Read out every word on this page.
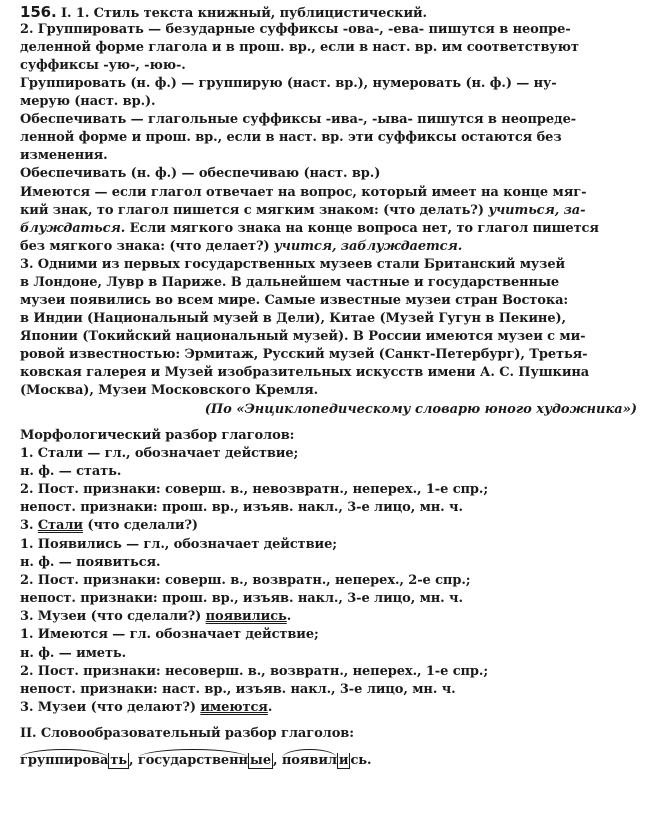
156. I. 1. Стиль текста книжный, публицистический.
2. Группировать — безударные суффиксы -ова-, -ева- пишутся в неопре-
деленной форме глагола и в прош. вр., если в наст. вр. им соответствуют
суффиксы -ую-, -юю-.
Группировать (н. ф.) — группирую (наст. вр.), нумеровать (н. ф.) — ну-
мерую (наст. вр.).
Обеспечивать — глагольные суффиксы -ива-, -ыва- пишутся в неопреде-
ленной форме и прош. вр., если в наст. вр. эти суффиксы остаются без
изменения.
Обеспечивать (н. ф.) — обеспечиваю (наст. вр.)
Имеются — если глагол отвечает на вопрос, который имеет на конце мяг-
кий знак, то глагол пишется с мягким знаком: (что делать?) учиться, за-
блуждаться. Если мягкого знака на конце вопроса нет, то глагол пишется
без мягкого знака: (что делает?) учится, заблуждается.
3. Одними из первых государственных музеев стали Британский музей
в Лондоне, Лувр в Париже. В дальнейшем частные и государственные
музеи появились во всем мире. Самые известные музеи стран Востока:
в Индии (Национальный музей в Дели), Китае (Музей Гугун в Пекине),
Японии (Токийский национальный музей). В России имеются музеи с ми-
ровой известностью: Эрмитаж, Русский музей (Санкт-Петербург), Третья-
ковская галерея и Музей изобразительных искусств имени А. С. Пушкина
(Москва), Музеи Московского Кремля.
(По «Энциклопедическому словарю юного художника»)
Морфологический разбор глаголов:
1. Стали — гл., обозначает действие;
н. ф. — стать.
2. Пост. признаки: соверш. в., невозвратн., неперех., 1-е спр.;
непост. признаки: прош. вр., изъяв. накл., 3-е лицо, мн. ч.
3. Стали (что сделали?)
1. Появились — гл., обозначает действие;
н. ф. — появиться.
2. Пост. признаки: соверш. в., возвратн., неперех., 2-е спр.;
непост. признаки: прош. вр., изъяв. накл., 3-е лицо, мн. ч.
3. Музеи (что сделали?) появились.
1. Имеются — гл. обозначает действие;
н. ф. — иметь.
2. Пост. признаки: несоверш. в., возвратн., неперех., 1-е спр.;
непост. признаки: наст. вр., изъяв. накл., 3-е лицо, мн. ч.
3. Музеи (что делают?) имеются.
II. Словообразовательный разбор глаголов:
группирова ть , государственн ые , появил и сь.
